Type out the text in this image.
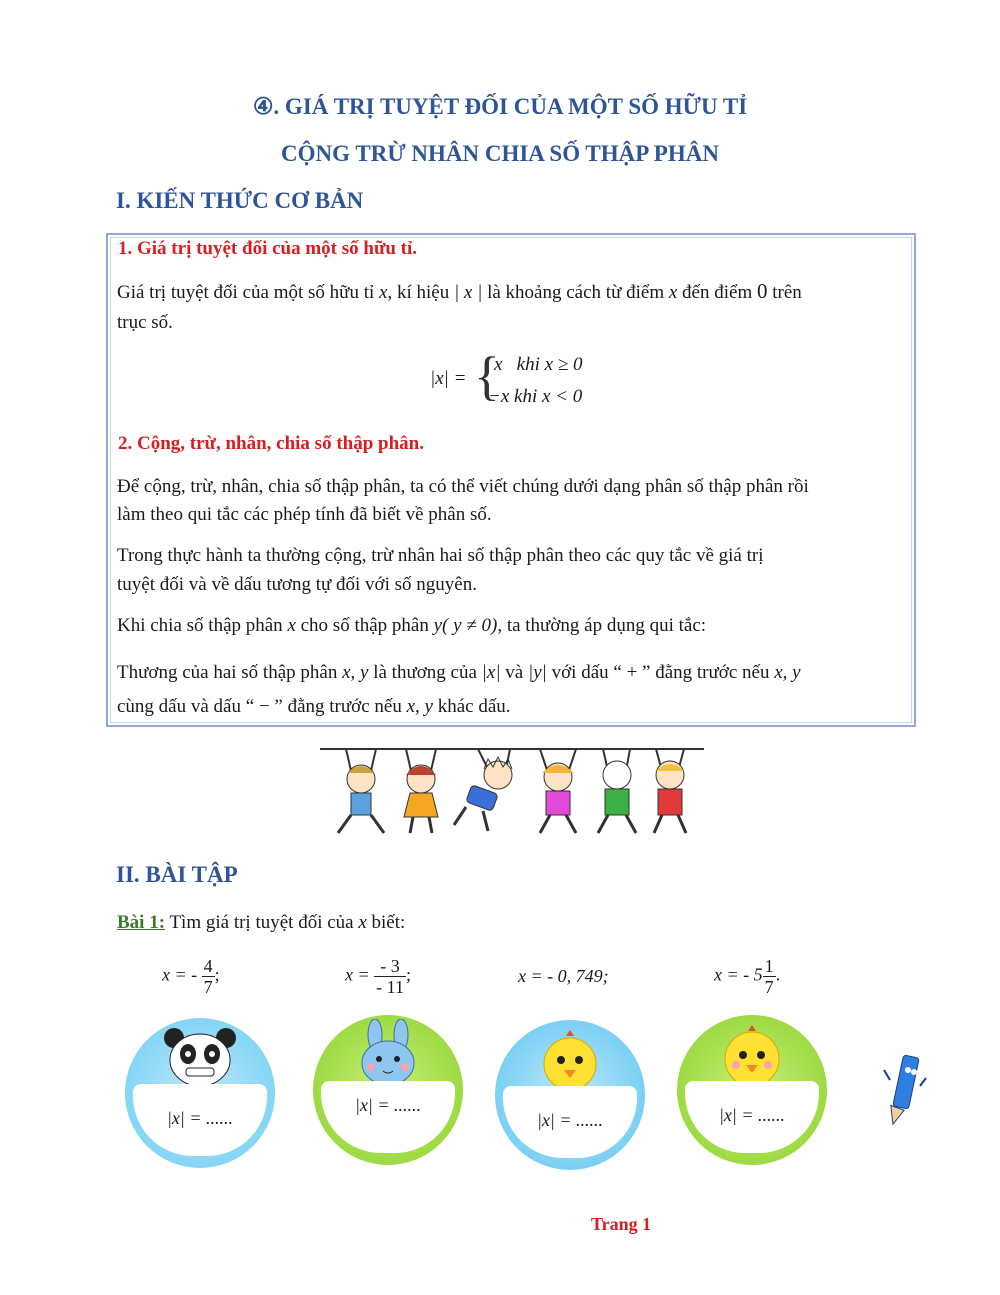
④. GIÁ TRỊ TUYỆT ĐỐI CỦA MỘT SỐ HỮU TỈ
CỘNG TRỪ NHÂN CHIA SỐ THẬP PHÂN
I. KIẾN THỨC CƠ BẢN
1. Giá trị tuyệt đối của một số hữu tỉ.
Giá trị tuyệt đối của một số hữu tỉ x, kí hiệu | x | là khoảng cách từ điểm x đến điểm 0 trên
trục số.
|x| = {
x   khi x ≥ 0
−x khi x < 0
2. Cộng, trừ, nhân, chia số thập phân.
Để cộng, trừ, nhân, chia số thập phân, ta có thể viết chúng dưới dạng phân số thập phân rồi
làm theo qui tắc các phép tính đã biết về phân số.
Trong thực hành ta thường cộng, trừ nhân hai số thập phân theo các quy tắc về giá trị
tuyệt đối và về dấu tương tự đối với số nguyên.
Khi chia số thập phân x cho số thập phân y( y ≠ 0), ta thường áp dụng qui tắc:
Thương của hai số thập phân x, y là thương của |x| và |y| với dấu “ + ” đằng trước nếu x, y
cùng dấu và dấu “ − ” đằng trước nếu x, y khác dấu.
II. BÀI TẬP
Bài 1: Tìm giá trị tuyệt đối của x biết:
x = - $\frac{4}{7}$ ;	$x = \frac{- 3}{- 11}$ ;	x = - 0, 749;	x = - $5 \frac{1}{7}$ .
|x| = ......
|x| = ......
|x| = ......	|x| = ......
Trang 1
